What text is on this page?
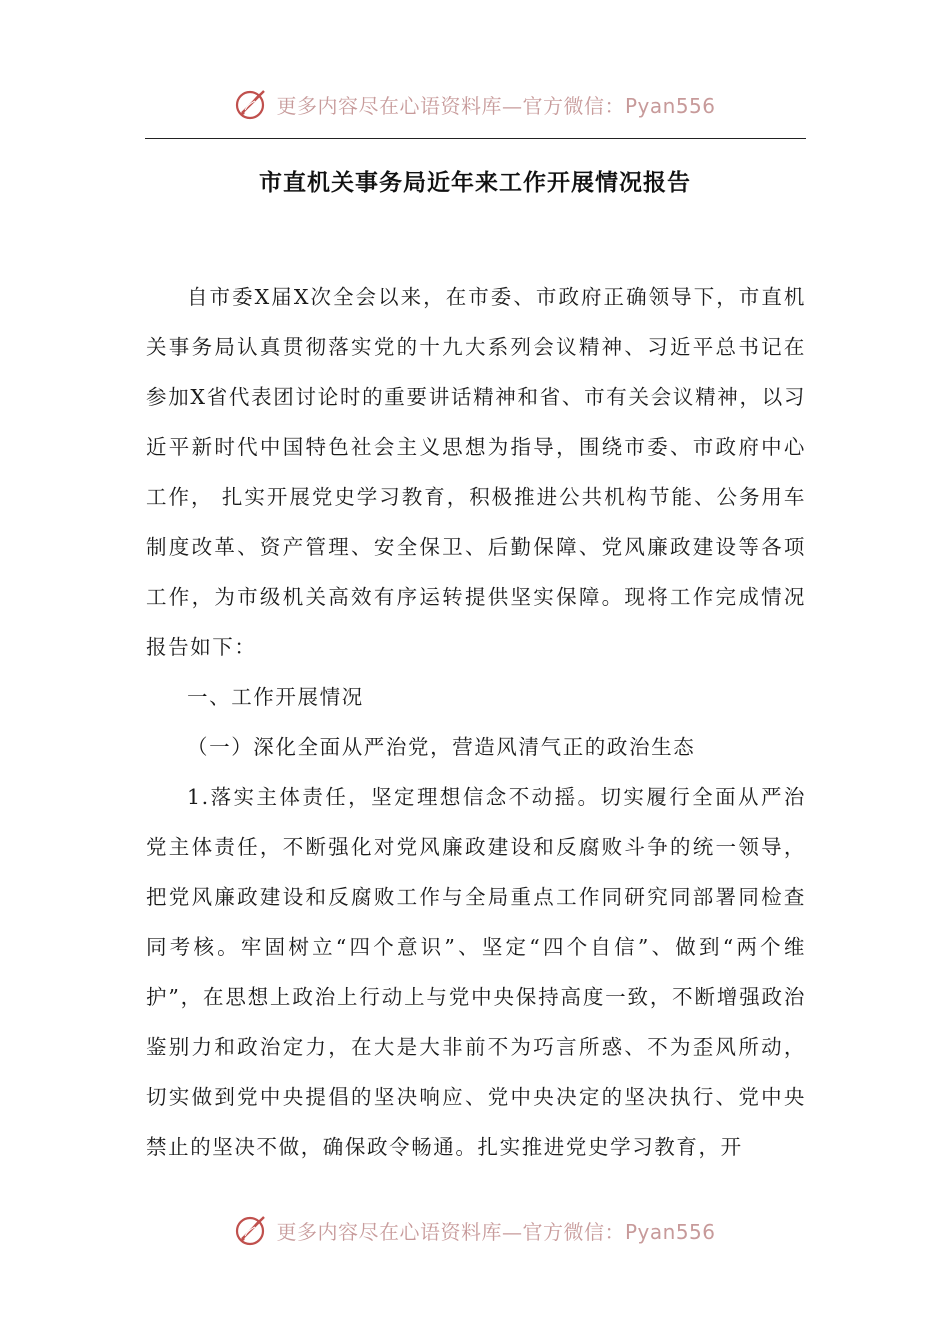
更多内容尽在心语资料库—官方微信：Pyan556
市直机关事务局近年来工作开展情况报告

自市委X届X次全会以来，在市委、市政府正确领导下，市直机关事务局认真贯彻落实党的十九大系列会议精神、习近平总书记在参加X省代表团讨论时的重要讲话精神和省、市有关会议精神，以习近平新时代中国特色社会主义思想为指导，围绕市委、市政府中心工作， 扎实开展党史学习教育，积极推进公共机构节能、公务用车制度改革、资产管理、安全保卫、后勤保障、党风廉政建设等各项工作，为市级机关高效有序运转提供坚实保障。现将工作完成情况报告如下：

一、工作开展情况

（一）深化全面从严治党，营造风清气正的政治生态

1.落实主体责任，坚定理想信念不动摇。切实履行全面从严治党主体责任，不断强化对党风廉政建设和反腐败斗争的统一领导，把党风廉政建设和反腐败工作与全局重点工作同研究同部署同检查同考核。牢固树立“四个意识”、坚定“四个自信”、做到“两个维护”，在思想上政治上行动上与党中央保持高度一致，不断增强政治鉴别力和政治定力，在大是大非前不为巧言所惑、不为歪风所动，切实做到党中央提倡的坚决响应、党中央决定的坚决执行、党中央禁止的坚决不做，确保政令畅通。扎实推进党史学习教育，开

更多内容尽在心语资料库—官方微信：Pyan556
